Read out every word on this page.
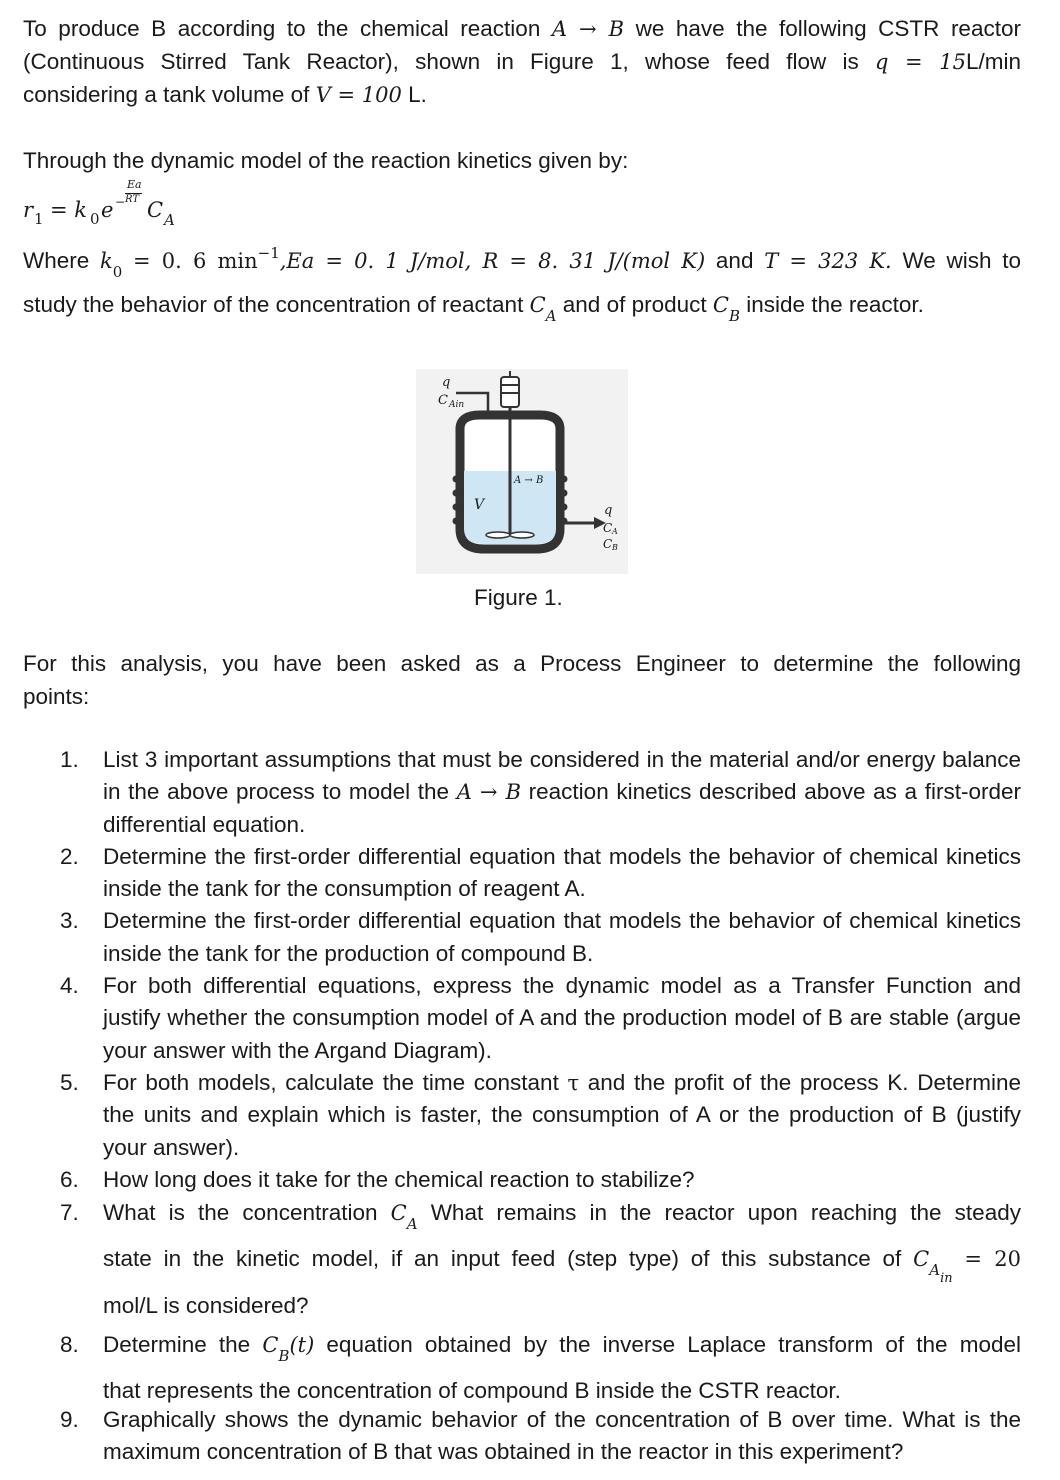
To produce B according to the chemical reaction A → B we have the following CSTR reactor

(Continuous Stirred Tank Reactor), shown in Figure 1, whose feed flow is q = 15L/min

considering a tank volume of V = 100 L.

Through the dynamic model of the reaction kinetics given by:

r 1 = k 0 e −
Ea
RT C A

Where $k_0 = 0$. 6 $\min^{-1},Ea = 0$. 1 J/mol, R = 8. 31 J/(mol K) and T = 323 K. We wish to

study the behavior of the concentration of reactant $C_A$ and of product $C_B$ inside the reactor.

q
C Ain
V
A → B
q
C A
C B
Figure 1.

For this analysis, you have been asked as a Process Engineer to determine the following

points:

1. List 3 important assumptions that must be considered in the material and/or energy balance in the above process to model the A → B reaction kinetics described above as a first-order differential equation.
2. Determine the first-order differential equation that models the behavior of chemical kinetics inside the tank for the consumption of reagent A.
3. Determine the first-order differential equation that models the behavior of chemical kinetics inside the tank for the production of compound B.
4. For both differential equations, express the dynamic model as a Transfer Function and justify whether the consumption model of A and the production model of B are stable (argue your answer with the Argand Diagram).
5. For both models, calculate the time constant τ and the profit of the process K. Determine the units and explain which is faster, the consumption of A or the production of B (justify your answer).
6. How long does it take for the chemical reaction to stabilize?
7. What is the concentration $C_A$ What remains in the reactor upon reaching the steady
state in the kinetic model, if an input feed (step type) of this substance of $C_{Ain} = 20$
mol/L is considered?
8. Determine the $C_B(t)$ equation obtained by the inverse Laplace transform of the model
that represents the concentration of compound B inside the CSTR reactor.
9. Graphically shows the dynamic behavior of the concentration of B over time. What is the maximum concentration of B that was obtained in the reactor in this experiment?
